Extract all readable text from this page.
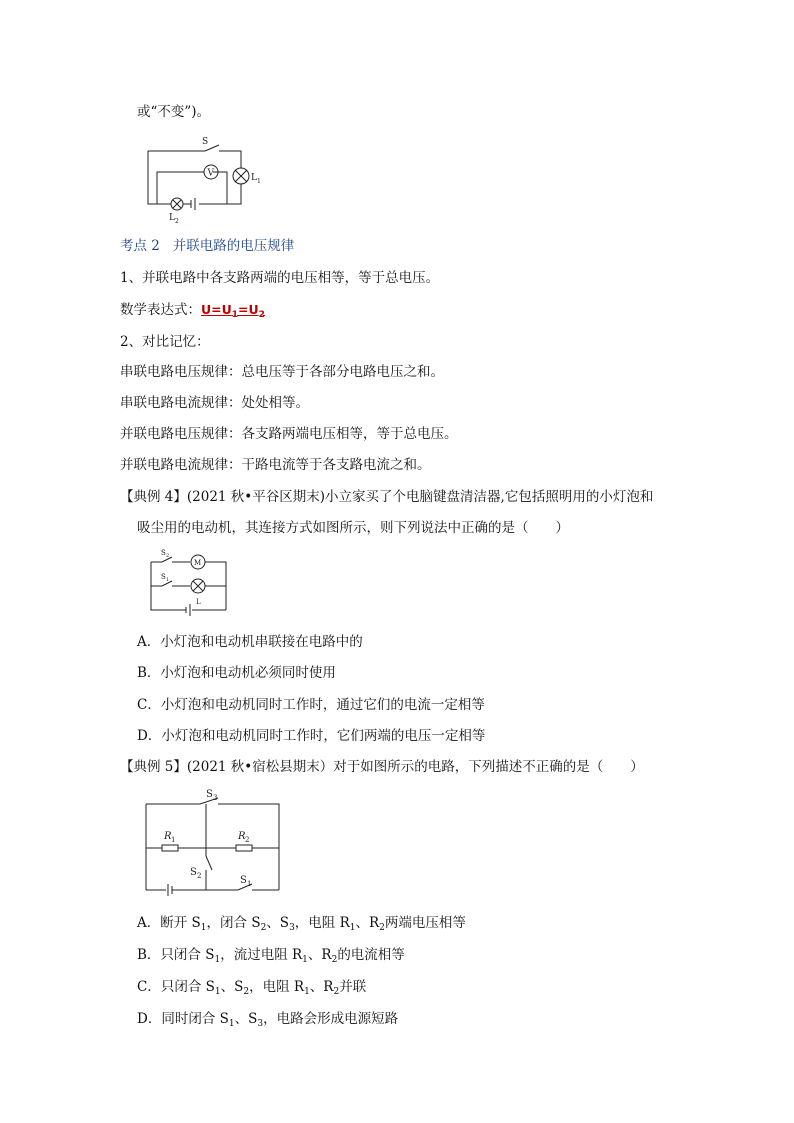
或“不变”)。
S
V	L 1
L 2
考点 2 并联电路的电压规律
1、并联电路中各支路两端的电压相等，等于总电压。
数学表达式：$U=U_1=U_2$
2、对比记忆：
串联电路电压规律：总电压等于各部分电路电压之和。
串联电路电流规律：处处相等。
并联电路电压规律：各支路两端电压相等，等于总电压。
并联电路电流规律：干路电流等于各支路电流之和。
【典例 4】(2021 秋•平谷区期末)小立家买了个电脑键盘清洁器,它包括照明用的小灯泡和
吸尘用的电动机，其连接方式如图所示，则下列说法中正确的是（　　）
S 2
S 1
M
L
A．小灯泡和电动机串联接在电路中的
B．小灯泡和电动机必须同时使用
C．小灯泡和电动机同时工作时，通过它们的电流一定相等
D．小灯泡和电动机同时工作时，它们两端的电压一定相等
【典例 5】(2021 秋•宿松县期末）对于如图所示的电路，下列描述不正确的是（　　）
S 3
R 1	R 2
S 2	S 1
A．断开 $S_1$，闭合 $S_2$、$S_3$，电阻 $R_1$、$R_2$两端电压相等
B．只闭合 $S_1$，流过电阻 $R_1$、$R_2$的电流相等
C．只闭合 $S_1$、$S_2$，电阻 $R_1$、$R_2$并联
D．同时闭合 $S_1$、$S_3$，电路会形成电源短路
